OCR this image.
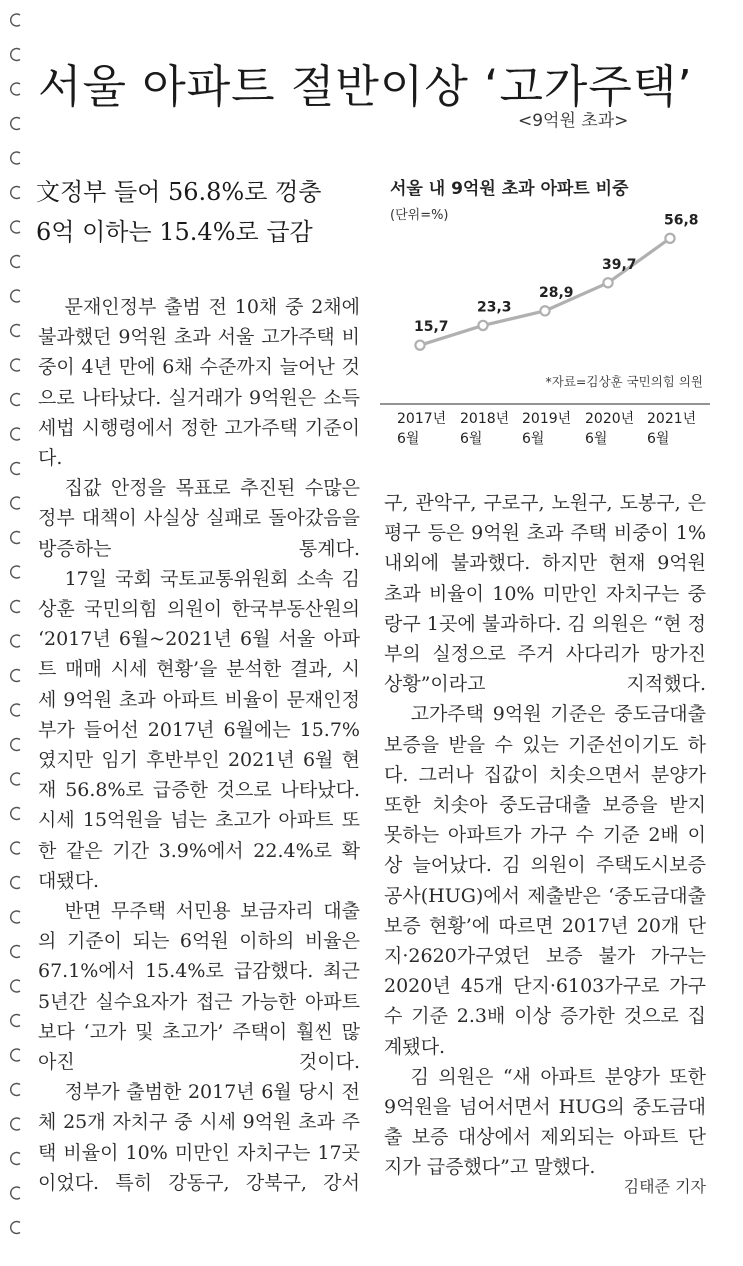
서울 아파트 절반이상 ‘고가주택’
<9억원 초과>
文정부 들어 56.8%로 껑충
6억 이하는 15.4%로 급감

문재인정부 출범 전 10채 중 2채에 불과했던 9억원 초과 서울 고가주택 비중이 4년 만에 6채 수준까지 늘어난 것으로 나타났다. 실거래가 9억원은 소득세법 시행령에서 정한 고가주택 기준이다.

집값 안정을 목표로 추진된 수많은 정부 대책이 사실상 실패로 돌아갔음을 방증하는 통계다.

17일 국회 국토교통위원회 소속 김상훈 국민의힘 의원이 한국부동산원의 ‘2017년 6월~2021년 6월 서울 아파트 매매 시세 현황’을 분석한 결과, 시세 9억원 초과 아파트 비율이 문재인정부가 들어선 2017년 6월에는 15.7%였지만 임기 후반부인 2021년 6월 현재 56.8%로 급증한 것으로 나타났다. 시세 15억원을 넘는 초고가 아파트 또한 같은 기간 3.9%에서 22.4%로 확대됐다.

반면 무주택 서민용 보금자리 대출의 기준이 되는 6억원 이하의 비율은 67.1%에서 15.4%로 급감했다. 최근 5년간 실수요자가 접근 가능한 아파트보다 ‘고가 및 초고가’ 주택이 훨씬 많아진 것이다.

정부가 출범한 2017년 6월 당시 전체 25개 자치구 중 시세 9억원 초과 주택 비율이 10% 미만인 자치구는 17곳이었다. 특히 강동구, 강북구, 강서

서울 내 9억원 초과 아파트 비중
(단위=%)
15,7
23,3
28,9
39,7
56,8
2017년
6월
2018년
6월
2019년
6월
2020년
6월
2021년
6월
*자료=김상훈 국민의힘 의원

구, 관악구, 구로구, 노원구, 도봉구, 은평구 등은 9억원 초과 주택 비중이 1% 내외에 불과했다. 하지만 현재 9억원 초과 비율이 10% 미만인 자치구는 중랑구 1곳에 불과하다. 김 의원은 “현 정부의 실정으로 주거 사다리가 망가진 상황”이라고 지적했다.

고가주택 9억원 기준은 중도금대출 보증을 받을 수 있는 기준선이기도 하다. 그러나 집값이 치솟으면서 분양가 또한 치솟아 중도금대출 보증을 받지 못하는 아파트가 가구 수 기준 2배 이상 늘어났다. 김 의원이 주택도시보증공사(HUG)에서 제출받은 ‘중도금대출 보증 현황’에 따르면 2017년 20개 단지·2620가구였던 보증 불가 가구는 2020년 45개 단지·6103가구로 가구 수 기준 2.3배 이상 증가한 것으로 집계됐다.

김 의원은 “새 아파트 분양가 또한 9억원을 넘어서면서 HUG의 중도금대출 보증 대상에서 제외되는 아파트 단지가 급증했다”고 말했다.

김태준 기자
